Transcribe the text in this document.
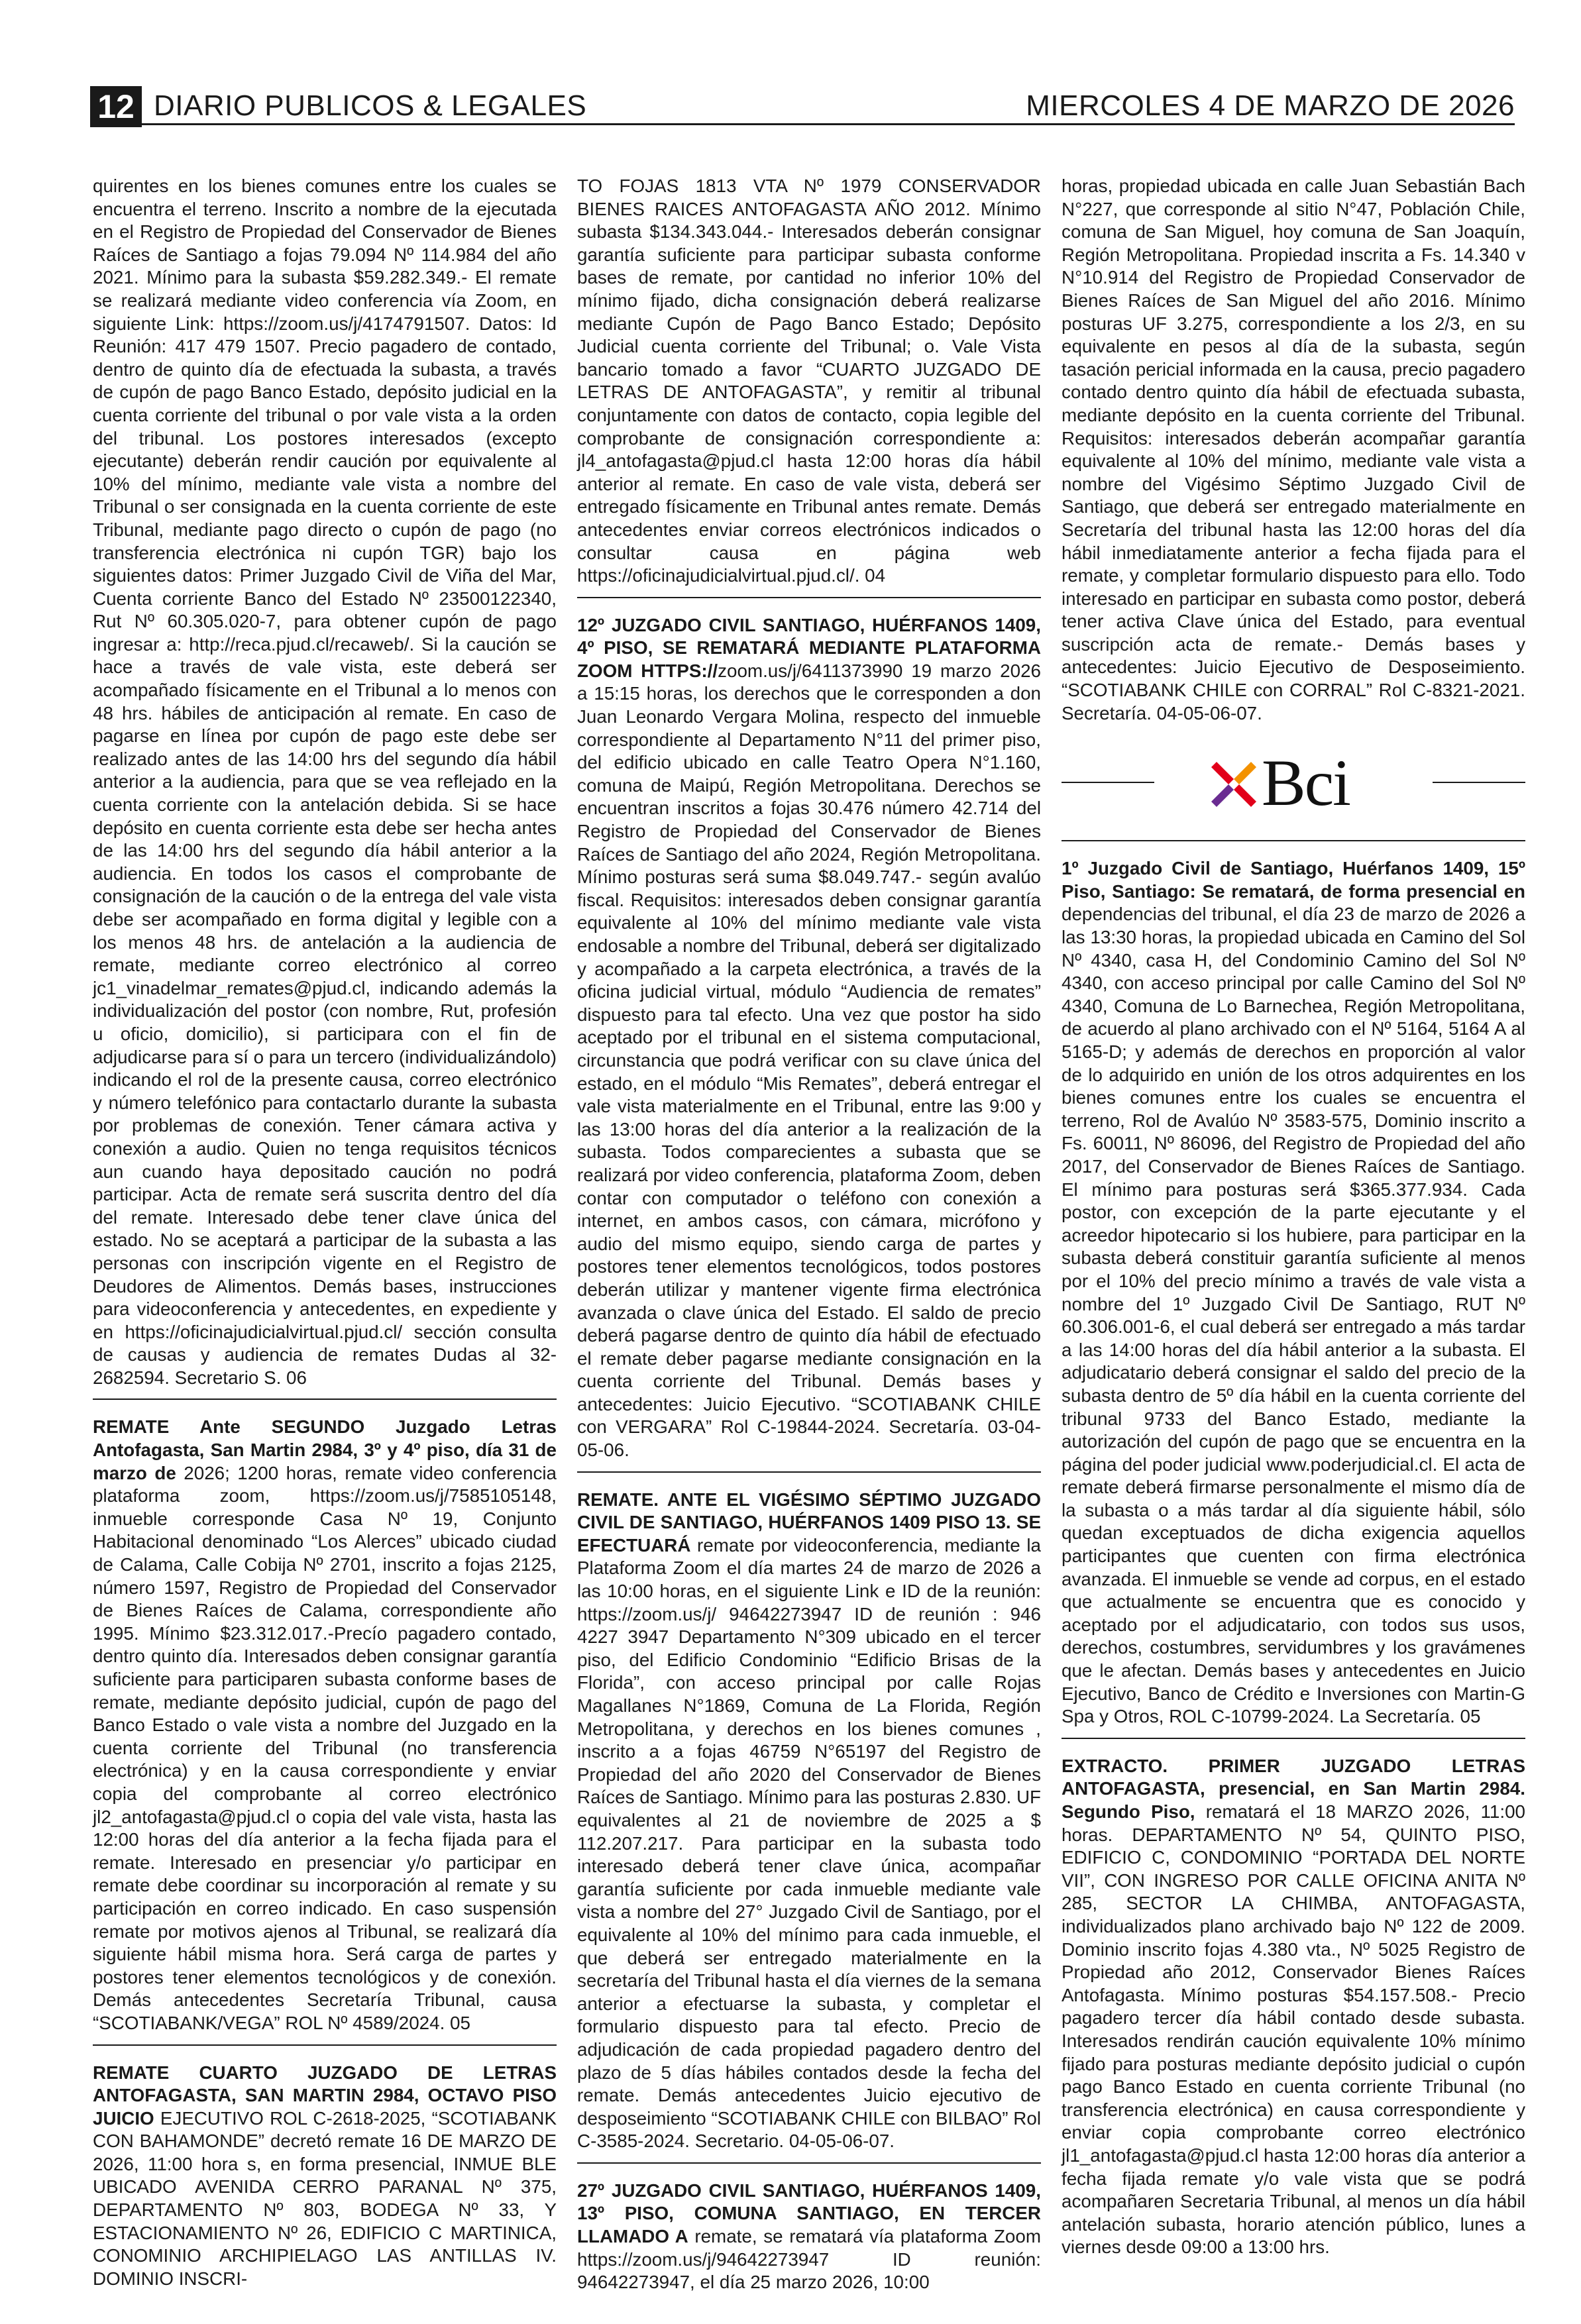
12 DIARIO PUBLICOS & LEGALES	MIERCOLES 4 DE MARZO DE 2026

quirentes en los bienes comunes entre los cuales se encuentra el terreno. Inscrito a nombre de la ejecutada en el Registro de Propiedad del Conservador de Bienes Raíces de Santiago a fojas 79.094 Nº 114.984 del año 2021. Mínimo para la subasta $59.282.349.- El remate se realizará mediante video conferencia vía Zoom, en siguiente Link: https://zoom.us/j/4174791507. Datos: Id Reunión: 417 479 1507. Precio pagadero de contado, dentro de quinto día de efectuada la subasta, a través de cupón de pago Banco Estado, depósito judicial en la cuenta corriente del tribunal o por vale vista a la orden del tribunal. Los postores interesados (excepto ejecutante) deberán rendir caución por equivalente al 10% del mínimo, mediante vale vista a nombre del Tribunal o ser consignada en la cuenta corriente de este Tribunal, mediante pago directo o cupón de pago (no transferencia electrónica ni cupón TGR) bajo los siguientes datos: Primer Juzgado Civil de Viña del Mar, Cuenta corriente Banco del Estado Nº 23500122340, Rut Nº 60.305.020-7, para obtener cupón de pago ingresar a: http://reca.pjud.cl/recaweb/. Si la caución se hace a través de vale vista, este deberá ser acompañado físicamente en el Tribunal a lo menos con 48 hrs. hábiles de anticipación al remate. En caso de pagarse en línea por cupón de pago este debe ser realizado antes de las 14:00 hrs del segundo día hábil anterior a la audiencia, para que se vea reflejado en la cuenta corriente con la antelación debida. Si se hace depósito en cuenta corriente esta debe ser hecha antes de las 14:00 hrs del segundo día hábil anterior a la audiencia. En todos los casos el comprobante de consignación de la caución o de la entrega del vale vista debe ser acompañado en forma digital y legible con a los menos 48 hrs. de antelación a la audiencia de remate, mediante correo electrónico al correo jc1_vinadelmar_remates@pjud.cl, indicando además la individualización del postor (con nombre, Rut, profesión u oficio, domicilio), si participara con el fin de adjudicarse para sí o para un tercero (individualizándolo) indicando el rol de la presente causa, correo electrónico y número telefónico para contactarlo durante la subasta por problemas de conexión. Tener cámara activa y conexión a audio. Quien no tenga requisitos técnicos aun cuando haya depositado caución no podrá participar. Acta de remate será suscrita dentro del día del remate. Interesado debe tener clave única del estado. No se aceptará a participar de la subasta a las personas con inscripción vigente en el Registro de Deudores de Alimentos. Demás bases, instrucciones para videoconferencia y antecedentes, en expediente y en https://oficinajudicialvirtual.pjud.cl/ sección consulta de causas y audiencia de remates Dudas al 32-2682594. Secretario S. 06

REMATE Ante SEGUNDO Juzgado Letras Antofagasta, San Martin 2984, 3º y 4º piso, día 31 de marzo de 2026; 1200 horas, remate video conferencia plataforma zoom, https://zoom.us/j/7585105148, inmueble corresponde Casa Nº 19, Conjunto Habitacional denominado “Los Alerces” ubicado ciudad de Calama, Calle Cobija Nº 2701, inscrito a fojas 2125, número 1597, Registro de Propiedad del Conservador de Bienes Raíces de Calama, correspondiente año 1995. Mínimo $23.312.017.-Precío pagadero contado, dentro quinto día. Interesados deben consignar garantía suficiente para participaren subasta conforme bases de remate, mediante depósito judicial, cupón de pago del Banco Estado o vale vista a nombre del Juzgado en la cuenta corriente del Tribunal (no transferencia electrónica) y en la causa correspondiente y enviar copia del comprobante al correo electrónico jl2_antofagasta@pjud.cl o copia del vale vista, hasta las 12:00 horas del día anterior a la fecha fijada para el remate. Interesado en presenciar y/o participar en remate debe coordinar su incorporación al remate y su participación en correo indicado. En caso suspensión remate por motivos ajenos al Tribunal, se realizará día siguiente hábil misma hora. Será carga de partes y postores tener elementos tecnológicos y de conexión. Demás antecedentes Secretaría Tribunal, causa “SCOTIABANK/VEGA” ROL Nº 4589/2024. 05

REMATE CUARTO JUZGADO DE LETRAS ANTOFAGASTA, SAN MARTIN 2984, OCTAVO PISO JUICIO EJECUTIVO ROL C-2618-2025, “SCOTIABANK CON BAHAMONDE” decretó remate 16 DE MARZO DE 2026, 11:00 hora s, en forma presencial, INMUE BLE UBICADO AVENIDA CERRO PARANAL Nº 375, DEPARTAMENTO Nº 803, BODEGA Nº 33, Y ESTACIONAMIENTO Nº 26, EDIFICIO C MARTINICA, CONOMINIO ARCHIPIELAGO LAS ANTILLAS IV. DOMINIO INSCRI-

TO FOJAS 1813 VTA Nº 1979 CONSERVADOR BIENES RAICES ANTOFAGASTA AÑO 2012. Mínimo subasta $134.343.044.- Interesados deberán consignar garantía suficiente para participar subasta conforme bases de remate, por cantidad no inferior 10% del mínimo fijado, dicha consignación deberá realizarse mediante Cupón de Pago Banco Estado; Depósito Judicial cuenta corriente del Tribunal; o. Vale Vista bancario tomado a favor “CUARTO JUZGADO DE LETRAS DE ANTOFAGASTA”, y remitir al tribunal conjuntamente con datos de contacto, copia legible del comprobante de consignación correspondiente a: jl4_antofagasta@pjud.cl hasta 12:00 horas día hábil anterior al remate. En caso de vale vista, deberá ser entregado físicamente en Tribunal antes remate. Demás antecedentes enviar correos electrónicos indicados o consultar causa en página web https://oficinajudicialvirtual.pjud.cl/. 04

12º JUZGADO CIVIL SANTIAGO, HUÉRFANOS 1409, 4º PISO, SE REMATARÁ MEDIANTE PLATAFORMA ZOOM HTTPS://zoom.us/j/6411373990 19 marzo 2026 a 15:15 horas, los derechos que le corresponden a don Juan Leonardo Vergara Molina, respecto del inmueble correspondiente al Departamento N°11 del primer piso, del edificio ubicado en calle Teatro Opera N°1.160, comuna de Maipú, Región Metropolitana. Derechos se encuentran inscritos a fojas 30.476 número 42.714 del Registro de Propiedad del Conservador de Bienes Raíces de Santiago del año 2024, Región Metropolitana. Mínimo posturas será suma $8.049.747.- según avalúo fiscal. Requisitos: interesados deben consignar garantía equivalente al 10% del mínimo mediante vale vista endosable a nombre del Tribunal, deberá ser digitalizado y acompañado a la carpeta electrónica, a través de la oficina judicial virtual, módulo “Audiencia de remates” dispuesto para tal efecto. Una vez que postor ha sido aceptado por el tribunal en el sistema computacional, circunstancia que podrá verificar con su clave única del estado, en el módulo “Mis Remates”, deberá entregar el vale vista materialmente en el Tribunal, entre las 9:00 y las 13:00 horas del día anterior a la realización de la subasta. Todos comparecientes a subasta que se realizará por video conferencia, plataforma Zoom, deben contar con computador o teléfono con conexión a internet, en ambos casos, con cámara, micrófono y audio del mismo equipo, siendo carga de partes y postores tener elementos tecnológicos, todos postores deberán utilizar y mantener vigente firma electrónica avanzada o clave única del Estado. El saldo de precio deberá pagarse dentro de quinto día hábil de efectuado el remate deber pagarse mediante consignación en la cuenta corriente del Tribunal. Demás bases y antecedentes: Juicio Ejecutivo. “SCOTIABANK CHILE con VERGARA” Rol C-19844-2024. Secretaría. 03-04-05-06.

REMATE. ANTE EL VIGÉSIMO SÉPTIMO JUZGADO CIVIL DE SANTIAGO, HUÉRFANOS 1409 PISO 13. SE EFECTUARÁ remate por videoconferencia, mediante la Plataforma Zoom el día martes 24 de marzo de 2026 a las 10:00 horas, en el siguiente Link e ID de la reunión: https://zoom.us/j/ 94642273947 ID de reunión : 946 4227 3947 Departamento N°309 ubicado en el tercer piso, del Edificio Condominio “Edificio Brisas de la Florida”, con acceso principal por calle Rojas Magallanes N°1869, Comuna de La Florida, Región Metropolitana, y derechos en los bienes comunes , inscrito a a fojas 46759 N°65197 del Registro de Propiedad del año 2020 del Conservador de Bienes Raíces de Santiago. Mínimo para las posturas 2.830. UF equivalentes al 21 de noviembre de 2025 a $ 112.207.217. Para participar en la subasta todo interesado deberá tener clave única, acompañar garantía suficiente por cada inmueble mediante vale vista a nombre del 27° Juzgado Civil de Santiago, por el equivalente al 10% del mínimo para cada inmueble, el que deberá ser entregado materialmente en la secretaría del Tribunal hasta el día viernes de la semana anterior a efectuarse la subasta, y completar el formulario dispuesto para tal efecto. Precio de adjudicación de cada propiedad pagadero dentro del plazo de 5 días hábiles contados desde la fecha del remate. Demás antecedentes Juicio ejecutivo de desposeimiento “SCOTIABANK CHILE con BILBAO” Rol C-3585-2024. Secretario. 04-05-06-07.

27º JUZGADO CIVIL SANTIAGO, HUÉRFANOS 1409, 13º PISO, COMUNA SANTIAGO, EN TERCER LLAMADO A remate, se rematará vía plataforma Zoom https://zoom.us/j/94642273947 ID reunión: 94642273947, el día 25 marzo 2026, 10:00

horas, propiedad ubicada en calle Juan Sebastián Bach N°227, que corresponde al sitio N°47, Población Chile, comuna de San Miguel, hoy comuna de San Joaquín, Región Metropolitana. Propiedad inscrita a Fs. 14.340 v N°10.914 del Registro de Propiedad Conservador de Bienes Raíces de San Miguel del año 2016. Mínimo posturas UF 3.275, correspondiente a los 2/3, en su equivalente en pesos al día de la subasta, según tasación pericial informada en la causa, precio pagadero contado dentro quinto día hábil de efectuada subasta, mediante depósito en la cuenta corriente del Tribunal. Requisitos: interesados deberán acompañar garantía equivalente al 10% del mínimo, mediante vale vista a nombre del Vigésimo Séptimo Juzgado Civil de Santiago, que deberá ser entregado materialmente en Secretaría del tribunal hasta las 12:00 horas del día hábil inmediatamente anterior a fecha fijada para el remate, y completar formulario dispuesto para ello. Todo interesado en participar en subasta como postor, deberá tener activa Clave única del Estado, para eventual suscripción acta de remate.- Demás bases y antecedentes: Juicio Ejecutivo de Desposeimiento. “SCOTIABANK CHILE con CORRAL” Rol C-8321-2021. Secretaría. 04-05-06-07.

Bci

1º Juzgado Civil de Santiago, Huérfanos 1409, 15º Piso, Santiago: Se rematará, de forma presencial en dependencias del tribunal, el día 23 de marzo de 2026 a las 13:30 horas, la propiedad ubicada en Camino del Sol Nº 4340, casa H, del Condominio Camino del Sol Nº 4340, con acceso principal por calle Camino del Sol Nº 4340, Comuna de Lo Barnechea, Región Metropolitana, de acuerdo al plano archivado con el Nº 5164, 5164 A al 5165-D; y además de derechos en proporción al valor de lo adquirido en unión de los otros adquirentes en los bienes comunes entre los cuales se encuentra el terreno, Rol de Avalúo Nº 3583-575, Dominio inscrito a Fs. 60011, Nº 86096, del Registro de Propiedad del año 2017, del Conservador de Bienes Raíces de Santiago. El mínimo para posturas será $365.377.934. Cada postor, con excepción de la parte ejecutante y el acreedor hipotecario si los hubiere, para participar en la subasta deberá constituir garantía suficiente al menos por el 10% del precio mínimo a través de vale vista a nombre del 1º Juzgado Civil De Santiago, RUT Nº 60.306.001-6, el cual deberá ser entregado a más tardar a las 14:00 horas del día hábil anterior a la subasta. El adjudicatario deberá consignar el saldo del precio de la subasta dentro de 5º día hábil en la cuenta corriente del tribunal 9733 del Banco Estado, mediante la autorización del cupón de pago que se encuentra en la página del poder judicial www.poderjudicial.cl. El acta de remate deberá firmarse personalmente el mismo día de la subasta o a más tardar al día siguiente hábil, sólo quedan exceptuados de dicha exigencia aquellos participantes que cuenten con firma electrónica avanzada. El inmueble se vende ad corpus, en el estado que actualmente se encuentra que es conocido y aceptado por el adjudicatario, con todos sus usos, derechos, costumbres, servidumbres y los gravámenes que le afectan. Demás bases y antecedentes en Juicio Ejecutivo, Banco de Crédito e Inversiones con Martin-G Spa y Otros, ROL C-10799-2024. La Secretaría. 05

EXTRACTO. PRIMER JUZGADO LETRAS ANTOFAGASTA, presencial, en San Martin 2984. Segundo Piso, rematará el 18 MARZO 2026, 11:00 horas. DEPARTAMENTO Nº 54, QUINTO PISO, EDIFICIO C, CONDOMINIO “PORTADA DEL NORTE VII”, CON INGRESO POR CALLE OFICINA ANITA Nº 285, SECTOR LA CHIMBA, ANTOFAGASTA, individualizados plano archivado bajo Nº 122 de 2009. Dominio inscrito fojas 4.380 vta., Nº 5025 Registro de Propiedad año 2012, Conservador Bienes Raíces Antofagasta. Mínimo posturas $54.157.508.- Precio pagadero tercer día hábil contado desde subasta. Interesados rendirán caución equivalente 10% mínimo fijado para posturas mediante depósito judicial o cupón pago Banco Estado en cuenta corriente Tribunal (no transferencia electrónica) en causa correspondiente y enviar copia comprobante correo electrónico jl1_antofagasta@pjud.cl hasta 12:00 horas día anterior a fecha fijada remate y/o vale vista que se podrá acompañaren Secretaria Tribunal, al menos un día hábil antelación subasta, horario atención público, lunes a viernes desde 09:00 a 13:00 hrs.
